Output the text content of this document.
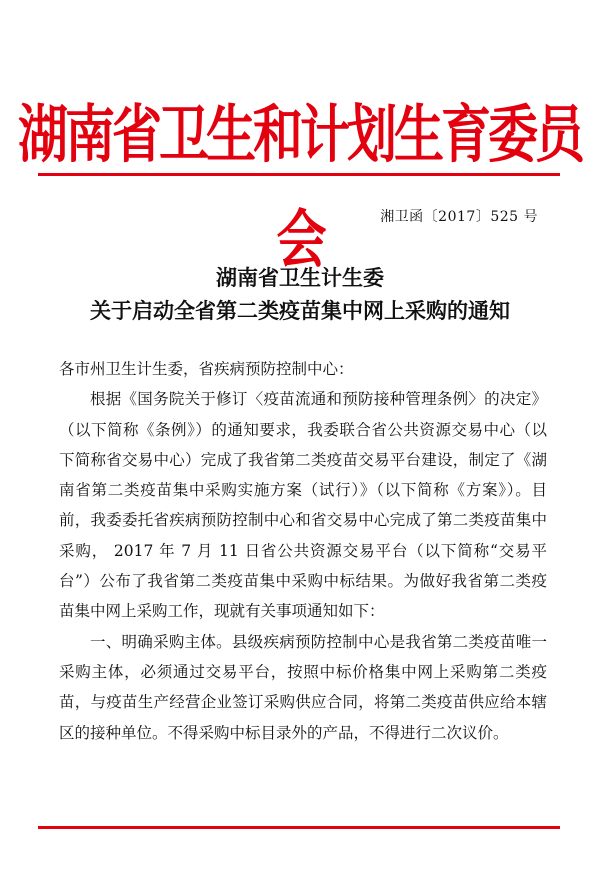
湖南省卫生和计划生育委员会	湘卫函〔2017〕525 号
湖南省卫生计生委
关于启动全省第二类疫苗集中网上采购的通知

各市州卫生计生委，省疾病预防控制中心：

根据《国务院关于修订〈疫苗流通和预防接种管理条例〉的决定》（以下简称《条例》）的通知要求，我委联合省公共资源交易中心（以下简称省交易中心）完成了我省第二类疫苗交易平台建设，制定了《湖南省第二类疫苗集中采购实施方案（试行）》（以下简称《方案》）。目前，我委委托省疾病预防控制中心和省交易中心完成了第二类疫苗集中采购， 2017 年 7 月 11 日省公共资源交易平台（以下简称“交易平台”）公布了我省第二类疫苗集中采购中标结果。为做好我省第二类疫苗集中网上采购工作，现就有关事项通知如下：

一、明确采购主体。县级疾病预防控制中心是我省第二类疫苗唯一采购主体，必须通过交易平台，按照中标价格集中网上采购第二类疫苗，与疫苗生产经营企业签订采购供应合同，将第二类疫苗供应给本辖区的接种单位。不得采购中标目录外的产品，不得进行二次议价。
